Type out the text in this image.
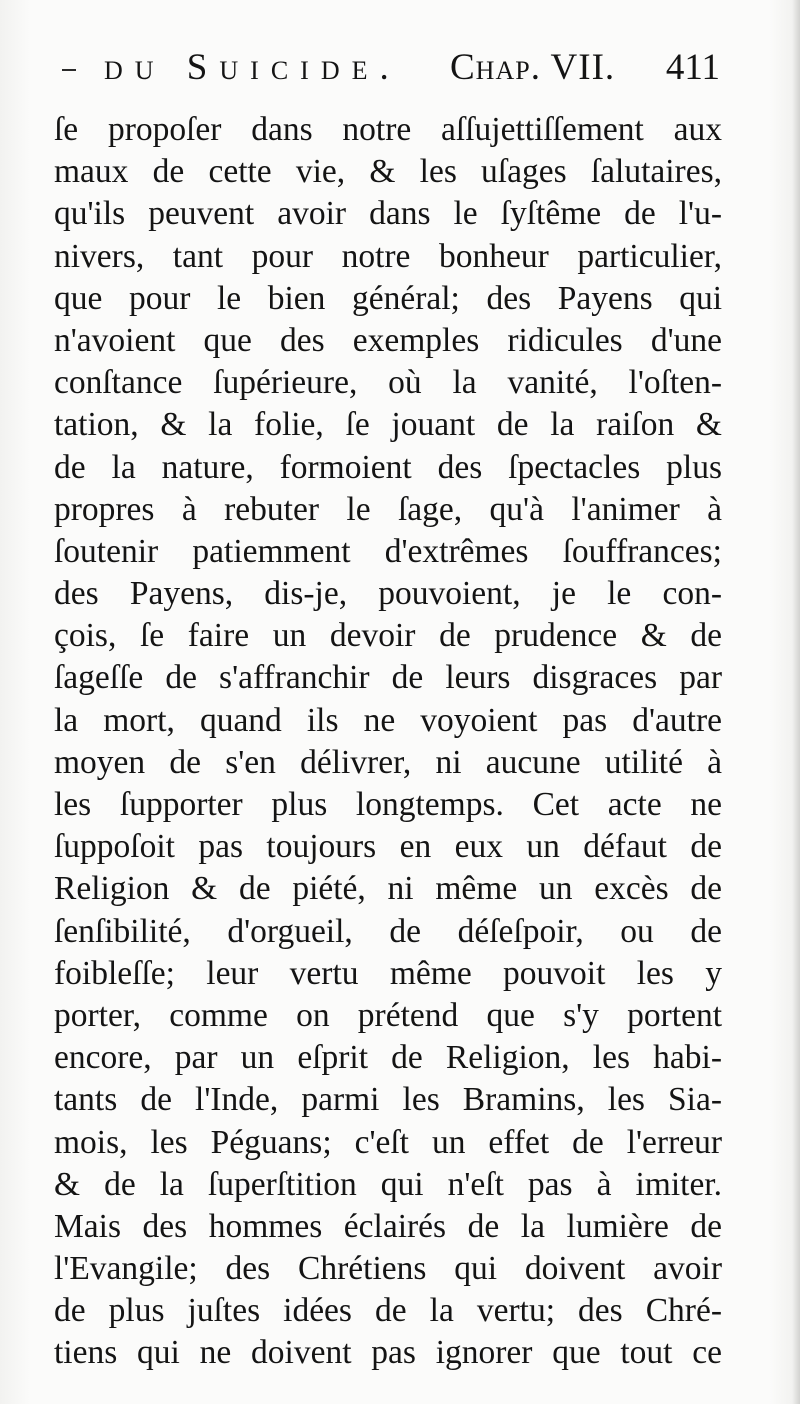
du Suicide. Chap. VII. 411
ſe propoſer dans notre aſſujettiſſement aux
maux de cette vie, & les uſages ſalutaires,
qu'ils peuvent avoir dans le ſyſtême de l'u-
nivers, tant pour notre bonheur particulier,
que pour le bien général; des Payens qui
n'avoient que des exemples ridicules d'une
conſtance ſupérieure, où la vanité, l'oſten-
tation, & la folie, ſe jouant de la raiſon &
de la nature, formoient des ſpectacles plus
propres à rebuter le ſage, qu'à l'animer à
ſoutenir patiemment d'extrêmes ſouffrances;
des Payens, dis-je, pouvoient, je le con-
çois, ſe faire un devoir de prudence & de
ſageſſe de s'affranchir de leurs disgraces par
la mort, quand ils ne voyoient pas d'autre
moyen de s'en délivrer, ni aucune utilité à
les ſupporter plus longtemps. Cet acte ne
ſuppoſoit pas toujours en eux un défaut de
Religion & de piété, ni même un excès de
ſenſibilité, d'orgueil, de déſeſpoir, ou de
foibleſſe; leur vertu même pouvoit les y
porter, comme on prétend que s'y portent
encore, par un eſprit de Religion, les habi-
tants de l'Inde, parmi les Bramins, les Sia-
mois, les Péguans; c'eſt un effet de l'erreur
& de la ſuperſtition qui n'eſt pas à imiter.
Mais des hommes éclairés de la lumière de
l'Evangile; des Chrétiens qui doivent avoir
de plus juſtes idées de la vertu; des Chré-
tiens qui ne doivent pas ignorer que tout ce
